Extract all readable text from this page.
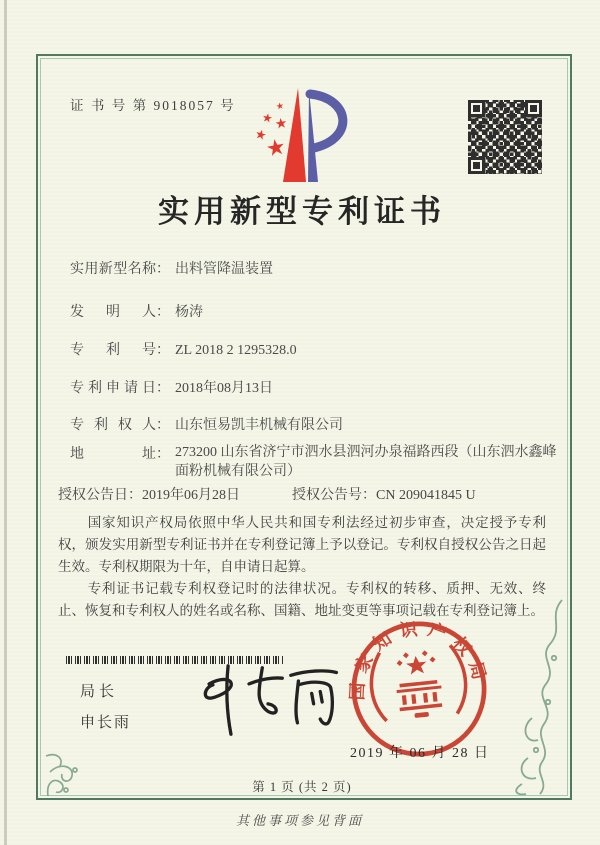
证 书 号 第 9018057 号	★
★ ★
★
★
实用新型专利证书
实用新型名称： 出料管降温装置
发明人： 杨涛
专利号： ZL 2018 2 1295328.0
专利申请日： 2018年08月13日
专利权人： 山东恒易凯丰机械有限公司
地址： 273200 山东省济宁市泗水县泗河办泉福路西段（山东泗水鑫峰面粉机械有限公司）
授权公告日：2019年06月28日	授权公告号：CN 209041845 U

国家知识产权局依照中华人民共和国专利法经过初步审查，决定授予专利权，颁发实用新型专利证书并在专利登记簿上予以登记。专利权自授权公告之日起生效。专利权期限为十年，自申请日起算。

专利证书记载专利权登记时的法律状况。专利权的转移、质押、无效、终止、恢复和专利权人的姓名或名称、国籍、地址变更等事项记载在专利登记簿上。

局长
申长雨
国家知识产权局
2019 年 06 月 28 日
第 1 页 (共 2 页)
其他事项参见背面
